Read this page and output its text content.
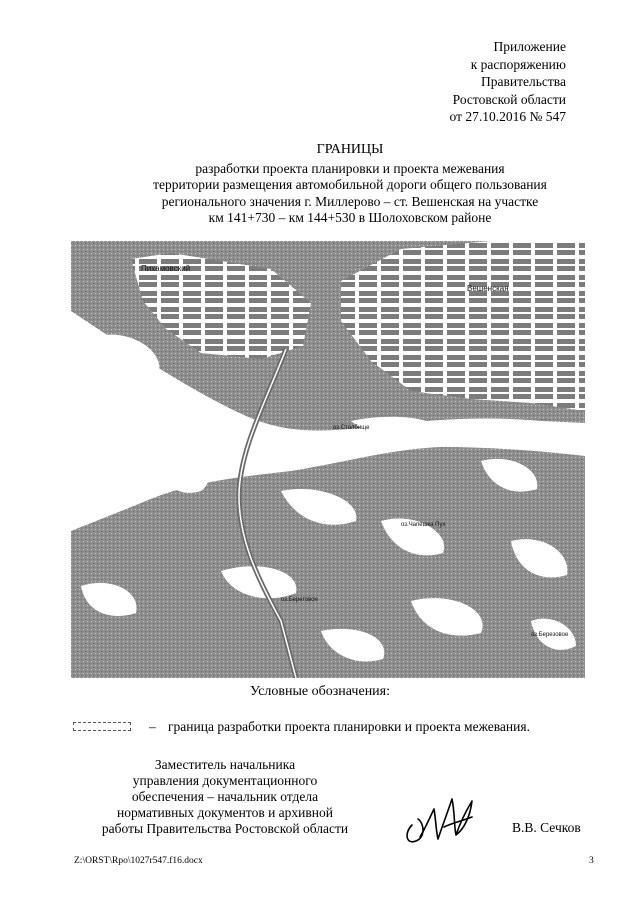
Приложение
к распоряжению
Правительства
Ростовской области
от 27.10.2016 № 547
ГРАНИЦЫ
разработки проекта планировки и проекта межевания
территории размещения автомобильной дороги общего пользования
регионального значения г. Миллерово – ст. Вешенская на участке
км 141+730 – км 144+530 в Шолоховском районе
Пихамовский
Вешенская
оз.Столбище
оз.Чапешка Пух
оз.Береговое
оз.Березовое
Условные обозначения:
– граница разработки проекта планировки и проекта межевания.
Заместитель начальника
управления документационного
обеспечения – начальник отдела
нормативных документов и архивной
работы Правительства Ростовской области	В.В. Сечков
Z:\ORST\Rpo\1027r547.f16.docx	3
